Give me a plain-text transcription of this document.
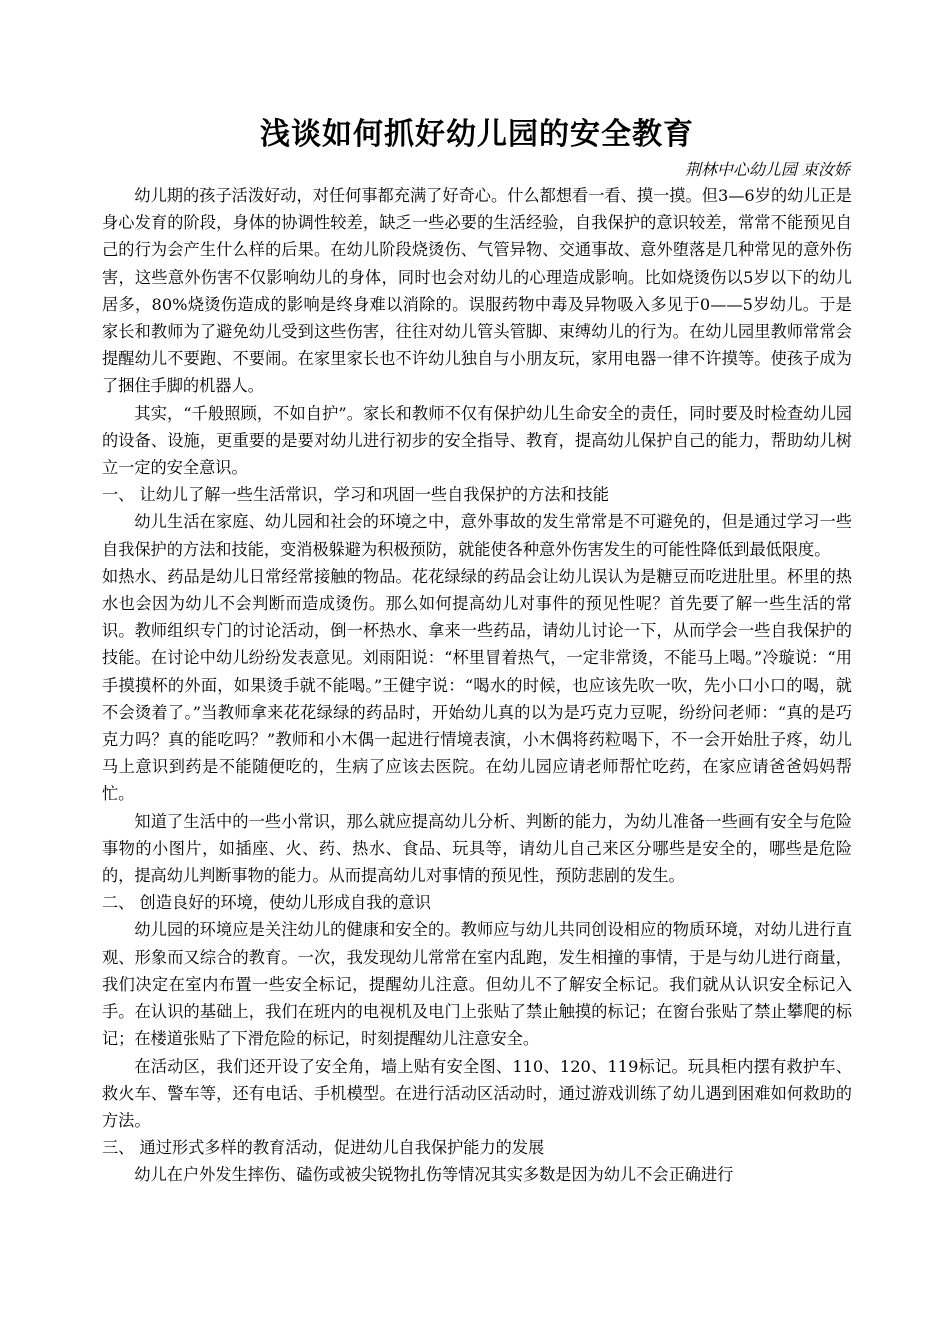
浅谈如何抓好幼儿园的安全教育

荆林中心幼儿园 束汝娇

幼儿期的孩子活泼好动，对任何事都充满了好奇心。什么都想看一看、摸一摸。但3—6岁的幼儿正是身心发育的阶段，身体的协调性较差，缺乏一些必要的生活经验，自我保护的意识较差，常常不能预见自己的行为会产生什么样的后果。在幼儿阶段烧烫伤、气管异物、交通事故、意外堕落是几种常见的意外伤害，这些意外伤害不仅影响幼儿的身体，同时也会对幼儿的心理造成影响。比如烧烫伤以5岁以下的幼儿居多，80%烧烫伤造成的影响是终身难以消除的。误服药物中毒及异物吸入多见于0——5岁幼儿。于是家长和教师为了避免幼儿受到这些伤害，往往对幼儿管头管脚、束缚幼儿的行为。在幼儿园里教师常常会提醒幼儿不要跑、不要闹。在家里家长也不许幼儿独自与小朋友玩，家用电器一律不许摸等。使孩子成为了捆住手脚的机器人。

其实，“千般照顾，不如自护”。家长和教师不仅有保护幼儿生命安全的责任，同时要及时检查幼儿园的设备、设施，更重要的是要对幼儿进行初步的安全指导、教育，提高幼儿保护自己的能力，帮助幼儿树立一定的安全意识。

一、 让幼儿了解一些生活常识，学习和巩固一些自我保护的方法和技能

幼儿生活在家庭、幼儿园和社会的环境之中，意外事故的发生常常是不可避免的，但是通过学习一些自我保护的方法和技能，变消极躲避为积极预防，就能使各种意外伤害发生的可能性降低到最低限度。

如热水、药品是幼儿日常经常接触的物品。花花绿绿的药品会让幼儿误认为是糖豆而吃进肚里。杯里的热水也会因为幼儿不会判断而造成烫伤。那么如何提高幼儿对事件的预见性呢？首先要了解一些生活的常识。教师组织专门的讨论活动，倒一杯热水、拿来一些药品，请幼儿讨论一下，从而学会一些自我保护的技能。在讨论中幼儿纷纷发表意见。刘雨阳说：“杯里冒着热气，一定非常烫，不能马上喝。”冷璇说：“用手摸摸杯的外面，如果烫手就不能喝。”王健宇说：“喝水的时候，也应该先吹一吹，先小口小口的喝，就不会烫着了。”当教师拿来花花绿绿的药品时，开始幼儿真的以为是巧克力豆呢，纷纷问老师：“真的是巧克力吗？真的能吃吗？”教师和小木偶一起进行情境表演，小木偶将药粒喝下，不一会开始肚子疼，幼儿马上意识到药是不能随便吃的，生病了应该去医院。在幼儿园应请老师帮忙吃药，在家应请爸爸妈妈帮忙。

知道了生活中的一些小常识，那么就应提高幼儿分析、判断的能力，为幼儿准备一些画有安全与危险事物的小图片，如插座、火、药、热水、食品、玩具等，请幼儿自己来区分哪些是安全的，哪些是危险的，提高幼儿判断事物的能力。从而提高幼儿对事情的预见性，预防悲剧的发生。

二、 创造良好的环境，使幼儿形成自我的意识

幼儿园的环境应是关注幼儿的健康和安全的。教师应与幼儿共同创设相应的物质环境，对幼儿进行直观、形象而又综合的教育。一次，我发现幼儿常常在室内乱跑，发生相撞的事情，于是与幼儿进行商量，我们决定在室内布置一些安全标记，提醒幼儿注意。但幼儿不了解安全标记。我们就从认识安全标记入手。在认识的基础上，我们在班内的电视机及电门上张贴了禁止触摸的标记；在窗台张贴了禁止攀爬的标记；在楼道张贴了下滑危险的标记，时刻提醒幼儿注意安全。

在活动区，我们还开设了安全角，墙上贴有安全图、110、120、119标记。玩具柜内摆有救护车、救火车、警车等，还有电话、手机模型。在进行活动区活动时，通过游戏训练了幼儿遇到困难如何救助的方法。

三、 通过形式多样的教育活动，促进幼儿自我保护能力的发展

幼儿在户外发生摔伤、磕伤或被尖锐物扎伤等情况其实多数是因为幼儿不会正确进行
